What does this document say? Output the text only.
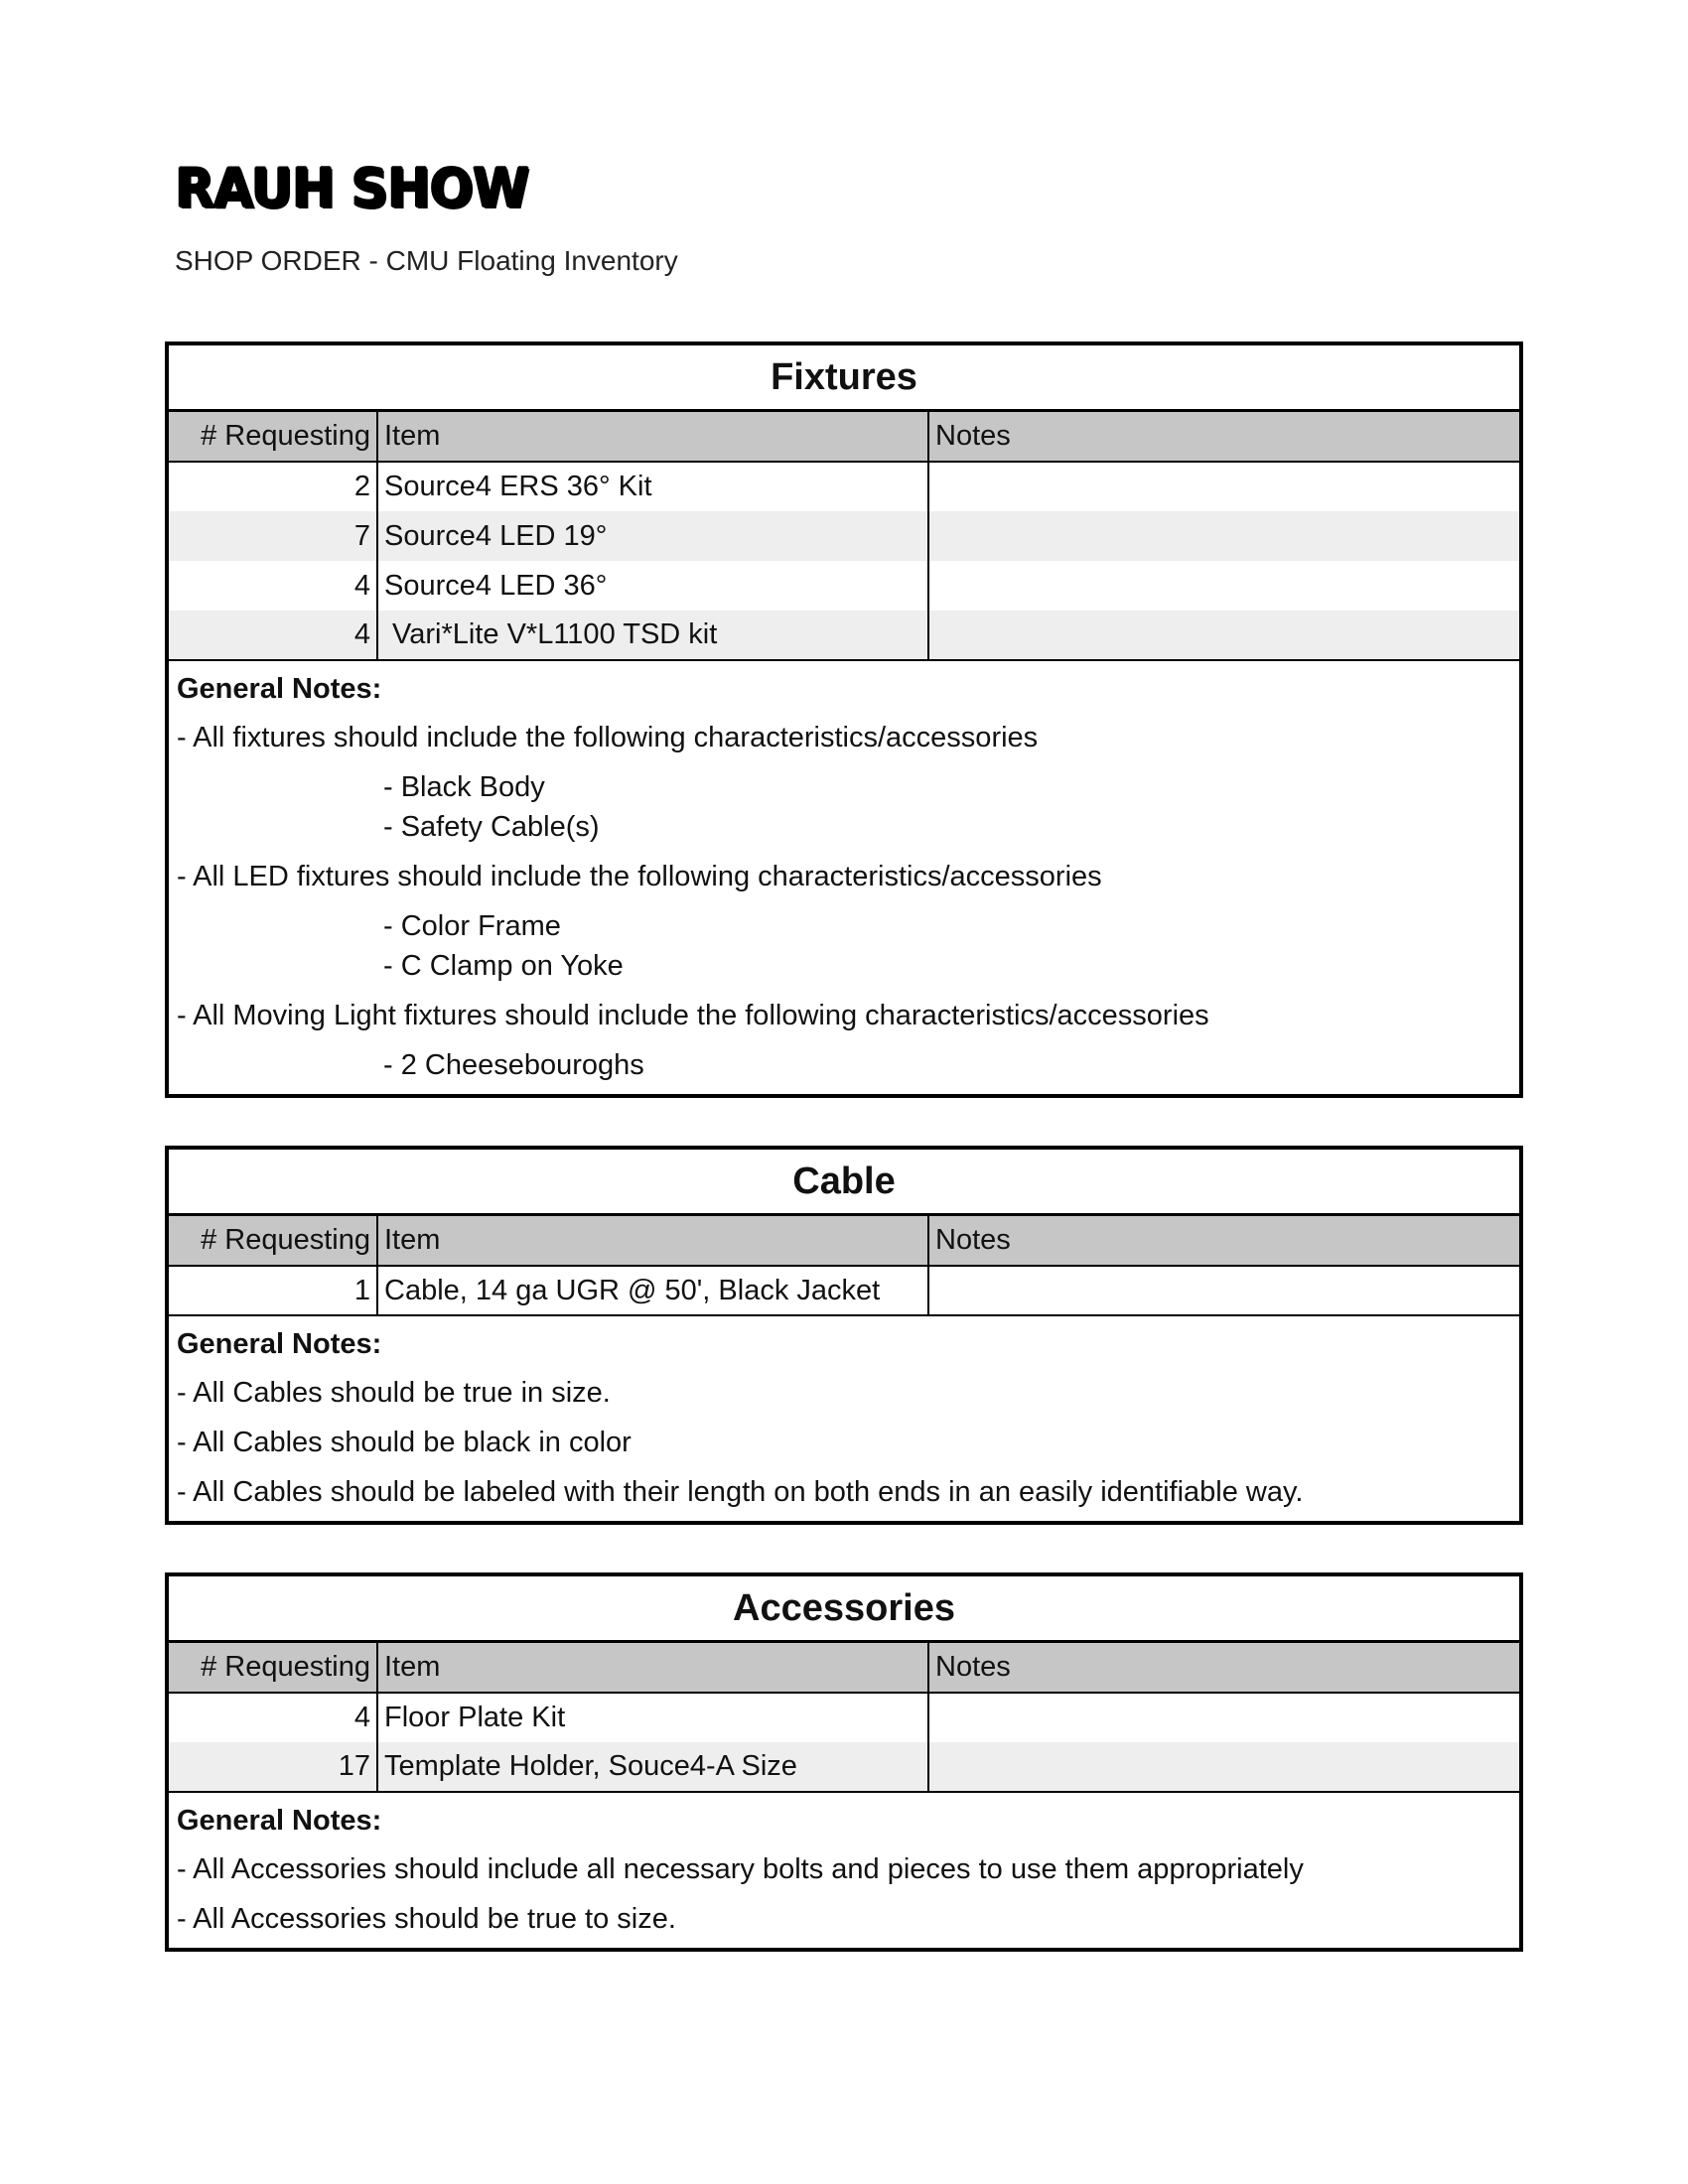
RAUH SHOW
SHOP ORDER - CMU Floating Inventory
Fixtures
# Requesting	Item	Notes
2	Source4 ERS 36° Kit	
7	Source4 LED 19°	
4	Source4 LED 36°	
4	Vari*Lite V*L1100 TSD kit	
General Notes:
- All fixtures should include the following characteristics/accessories
- Black Body
- Safety Cable(s)
- All LED fixtures should include the following characteristics/accessories
- Color Frame
- C Clamp on Yoke
- All Moving Light fixtures should include the following characteristics/accessories
- 2 Cheesebouroghs
Cable
# Requesting	Item	Notes
1	Cable, 14 ga UGR @ 50', Black Jacket	
General Notes:
- All Cables should be true in size.
- All Cables should be black in color
- All Cables should be labeled with their length on both ends in an easily identifiable way.
Accessories
# Requesting	Item	Notes
4	Floor Plate Kit	
17	Template Holder, Souce4-A Size	
General Notes:
- All Accessories should include all necessary bolts and pieces to use them appropriately
- All Accessories should be true to size.
